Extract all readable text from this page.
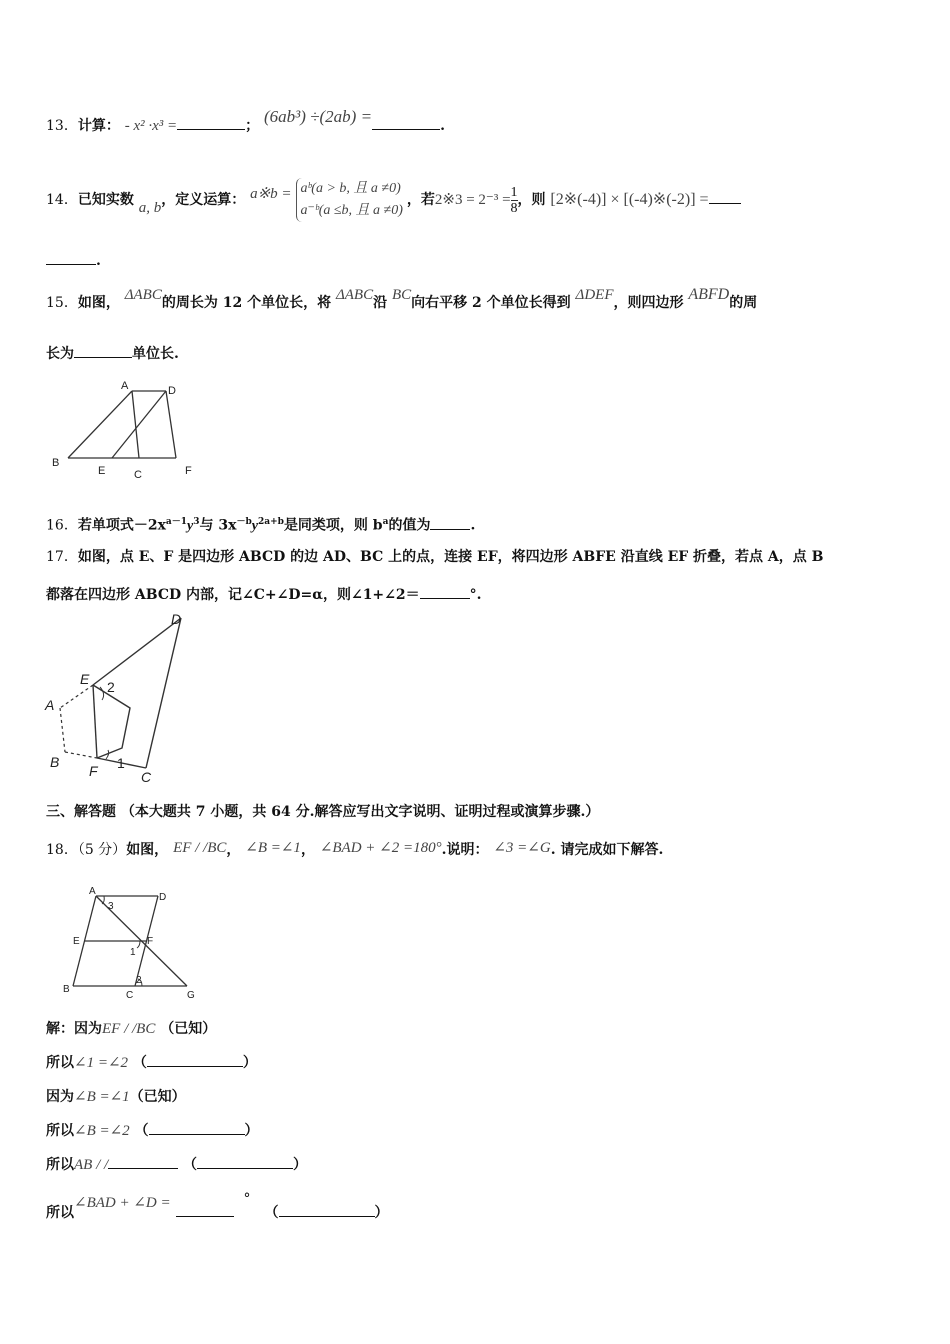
13．计算： - x² ·x³ =	； (6ab³) ÷(2ab) =	.
14．已知实数 a, b，定义运算： a※b = aᵇ(a > b, 且 a ≠0)
a⁻ᵇ(a ≤b, 且 a ≠0)
，若2※3 = $2^{-3} = \frac{1}{8}$ ，则 [2※(-4)] × [(-4)※(-2)] =
.
15．如图， ΔABC的周长为 12 个单位长，将 ΔABC沿 BC向右平移 2 个单位长得到 ΔDEF，则四边形 ABFD的周
长为	单位长.
A	D
B
E	C	F
16．若单项式$-2x^{a-1}y^3$与 $3x^{-b}y^{2a+b}$是同类项，则 $b^a$的值为	.
17．如图，点 E、F 是四边形 ABCD 的边 AD、BC 上的点，连接 EF，将四边形 ABFE 沿直线 EF 折叠，若点 A，点 B
都落在四边形 ABCD 内部，记∠C+∠D=α，则∠1+∠2＝	°.
D
E
A
B
F	C
2
1
三、解答题 （本大题共 7 小题，共 64 分.解答应写出文字说明、证明过程或演算步骤.）
18．（5 分）如图， EF / /BC， ∠B =∠1， ∠BAD + ∠2 =180°.说明： ∠3 =∠G. 请完成如下解答.
A
D
E	F
B
C	G
3
1
2
解：因为EF / /BC （已知）
所以∠1 =∠2 （	）
因为∠B =∠1（已知）
所以∠B =∠2 （	）
所以AB / /	（	）
所以∠BAD + ∠D =	°（	）
